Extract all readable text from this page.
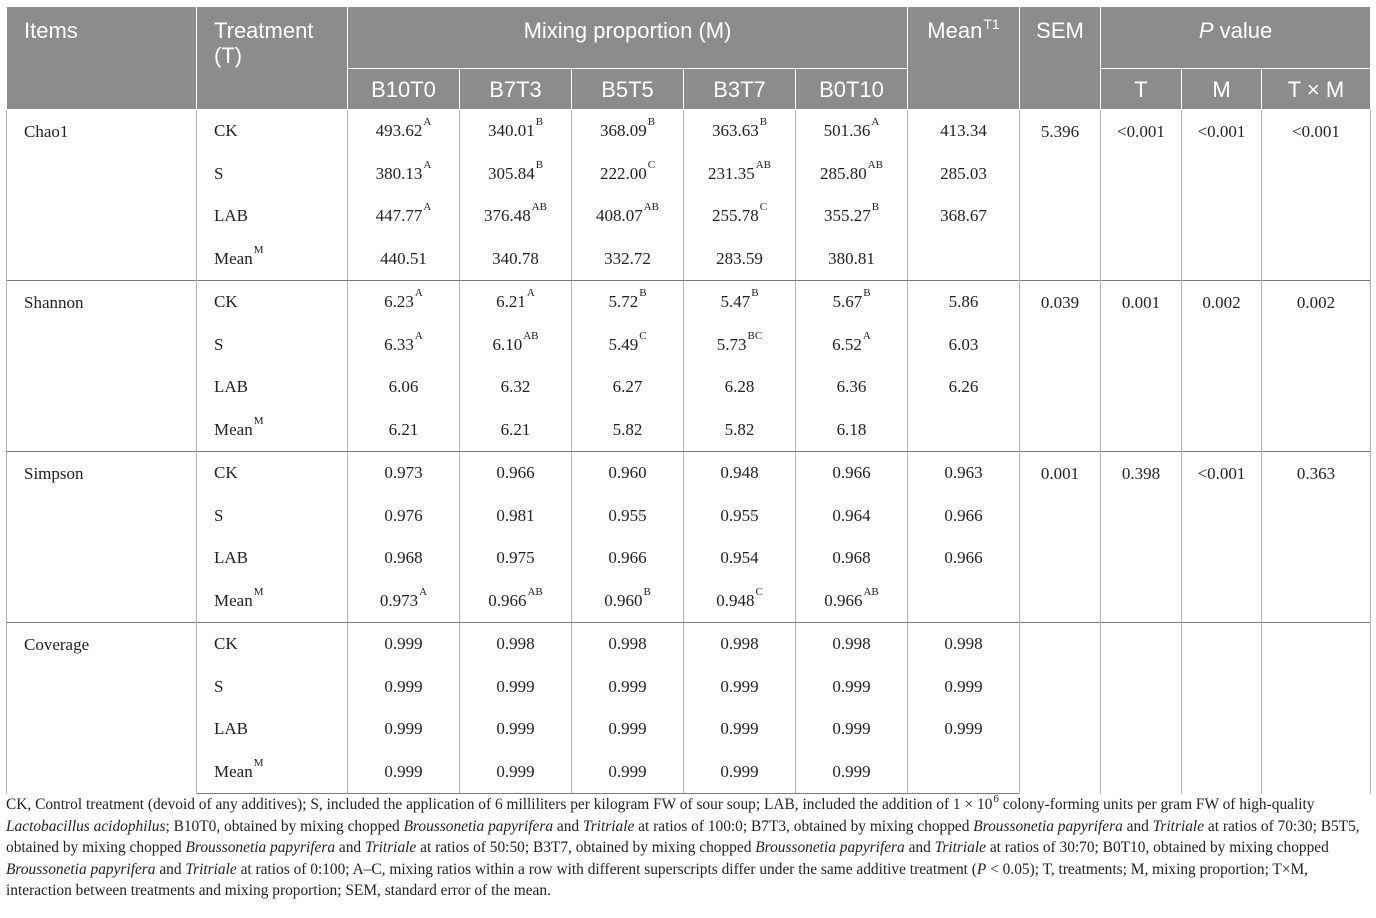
Items	Treatment (T)	Mixing proportion (M)					Mean$^{T1}$	SEM	P value		
		B10T0	B7T3	B5T5	B3T7	B0T10			T	M	T × M
Chao1	CK	$493.62^A$	$340.01^B$	$368.09^B$	$363.63^B$	$501.36^A$	413.34	5.396	<0.001	<0.001	<0.001
	S	$380.13^A$	$305.84^B$	$222.00^C$	$231.35^{AB}$	$285.80^{AB}$	285.03				
	LAB	$447.77^A$	$376.48^{AB}$	$408.07^{AB}$	$255.78^C$	$355.27^B$	368.67				
	Mean$^M$	440.51	340.78	332.72	283.59	380.81					
Shannon	CK	$6.23^A$	$6.21^A$	$5.72^B$	$5.47^B$	$5.67^B$	5.86	0.039	0.001	0.002	0.002
	S	$6.33^A$	$6.10^{AB}$	$5.49^C$	$5.73^{BC}$	$6.52^A$	6.03				
	LAB	6.06	6.32	6.27	6.28	6.36	6.26				
	Mean$^M$	6.21	6.21	5.82	5.82	6.18					
Simpson	CK	0.973	0.966	0.960	0.948	0.966	0.963	0.001	0.398	<0.001	0.363
	S	0.976	0.981	0.955	0.955	0.964	0.966				
	LAB	0.968	0.975	0.966	0.954	0.968	0.966				
	Mean$^M$	$0.973^A$	$0.966^{AB}$	$0.960^B$	$0.948^C$	$0.966^{AB}$	
Coverage	CK	0.999	0.998	0.998	0.998	0.998	0.998				
	S	0.999	0.999	0.999	0.999	0.999	0.999				
	LAB	0.999	0.999	0.999	0.999	0.999	0.999				
	Mean$^M$	0.999	0.999	0.999	0.999	0.999					
CK, Control treatment (devoid of any additives); S, included the application of 6 milliliters per kilogram FW of sour soup; LAB, included the addition of $1 \times 10^6$ colony-forming units per gram FW of high-quality Lactobacillus acidophilus; B10T0, obtained by mixing chopped Broussonetia papyrifera and Tritriale at ratios of 100:0; B7T3, obtained by mixing chopped Broussonetia papyrifera and Tritriale at ratios of 70:30; B5T5, obtained by mixing chopped Broussonetia papyrifera and Tritriale at ratios of 50:50; B3T7, obtained by mixing chopped Broussonetia papyrifera and Tritriale at ratios of 30:70; B0T10, obtained by mixing chopped Broussonetia papyrifera and Tritriale at ratios of 0:100; A–C, mixing ratios within a row with different superscripts differ under the same additive treatment (P < 0.05); T, treatments; M, mixing proportion; T×M, interaction between treatments and mixing proportion; SEM, standard error of the mean.
